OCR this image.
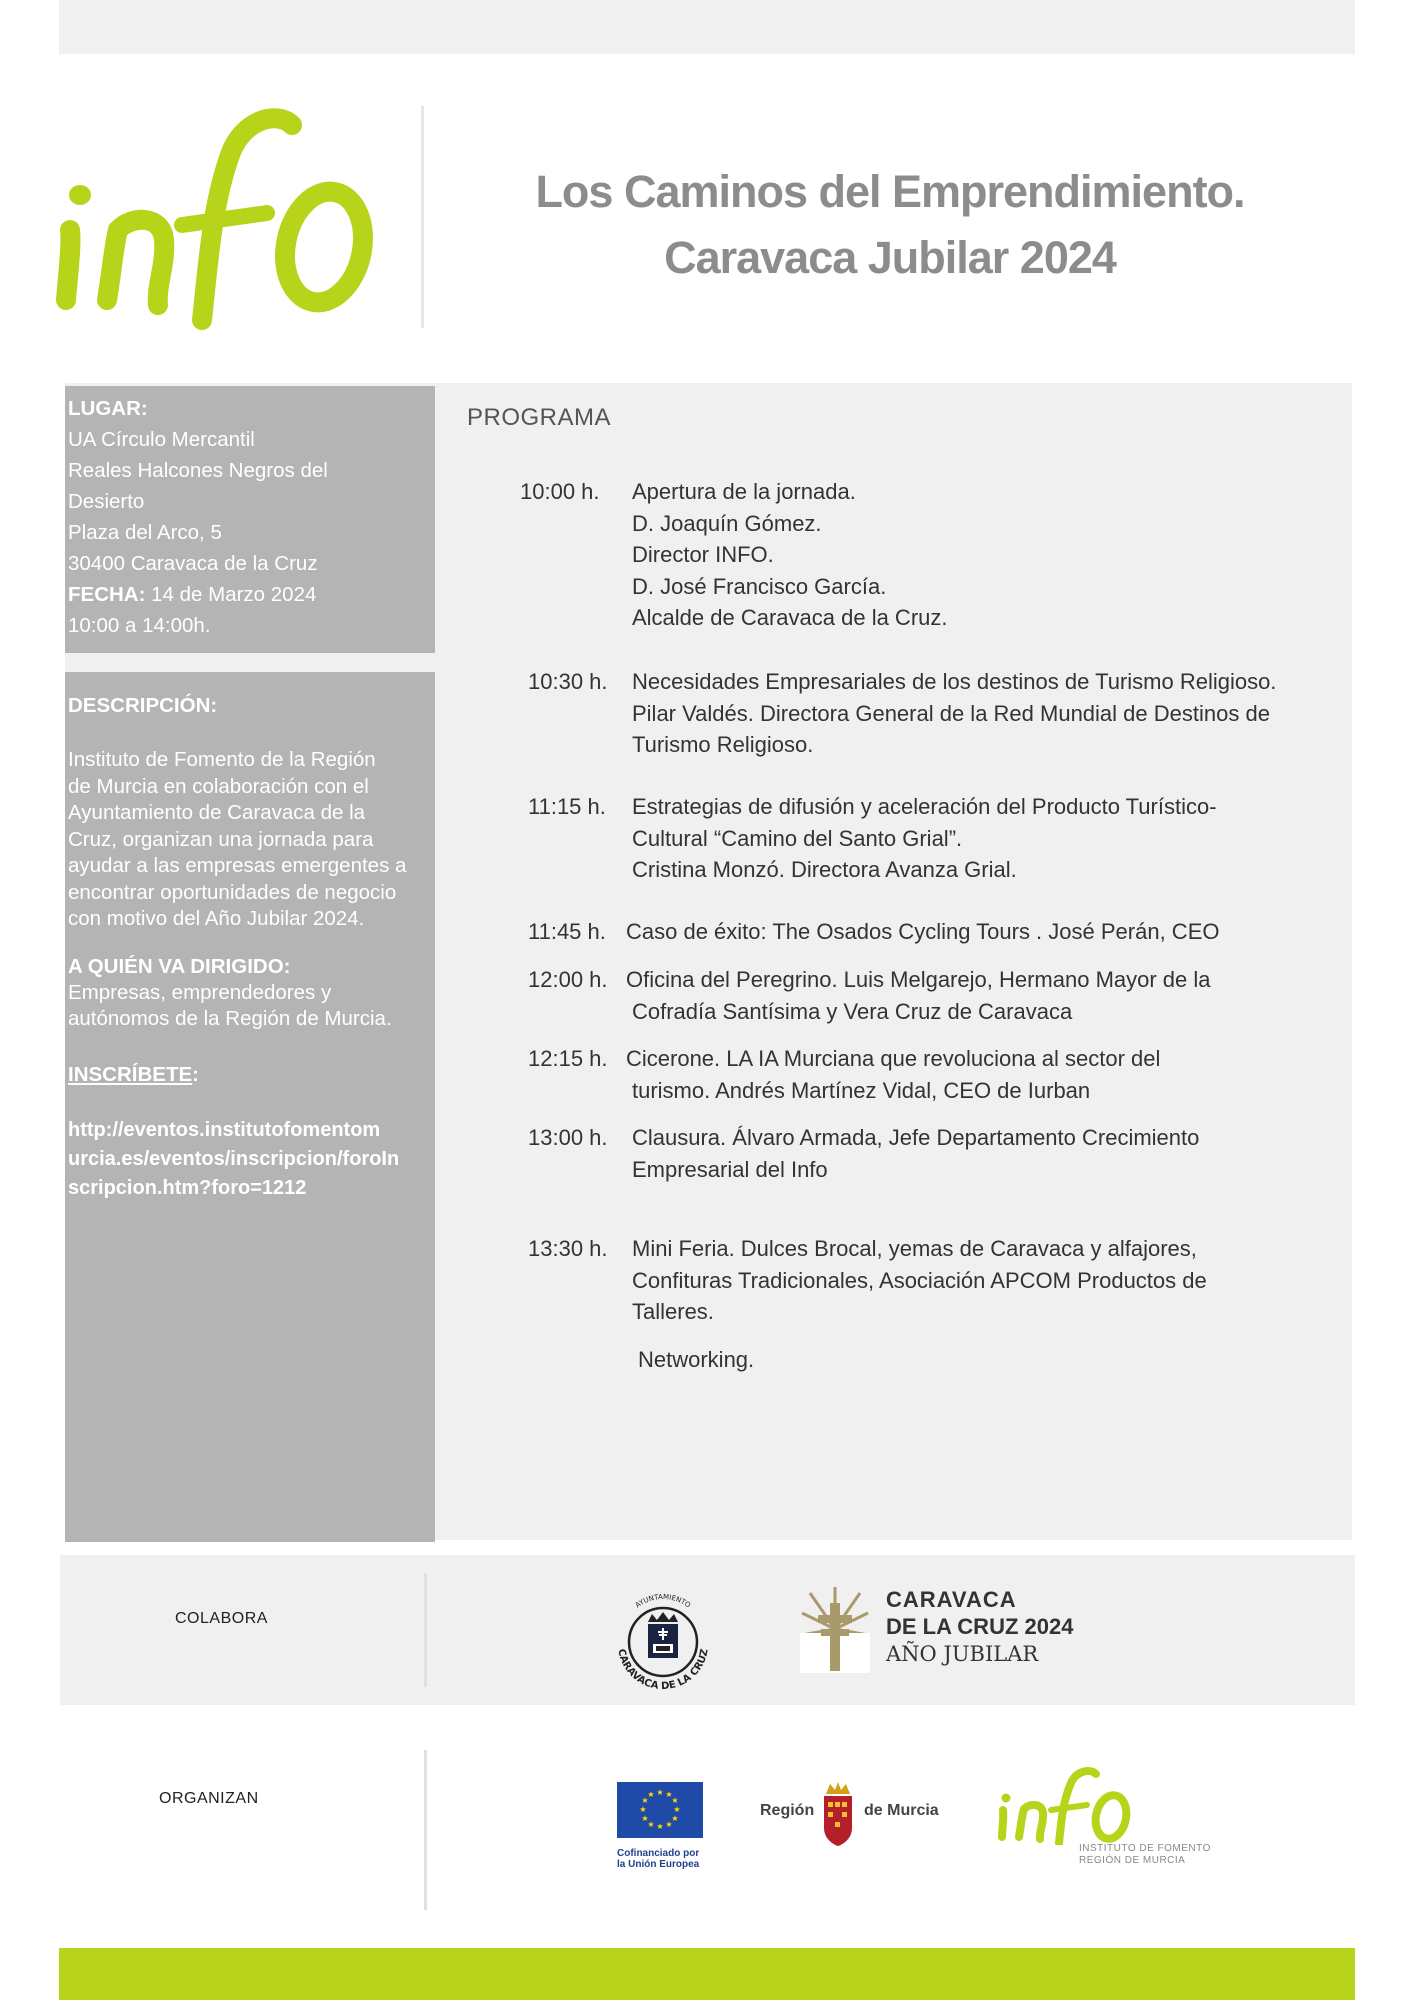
Los Caminos del Emprendimiento.
Caravaca Jubilar 2024
LUGAR:
UA Círculo Mercantil
Reales Halcones Negros del
Desierto
Plaza del Arco, 5
30400 Caravaca de la Cruz
FECHA: 14 de Marzo 2024
10:00 a 14:00h.
DESCRIPCIÓN:
Instituto de Fomento de la Región
de Murcia en colaboración con el
Ayuntamiento de Caravaca de la
Cruz, organizan una jornada para
ayudar a las empresas emergentes a
encontrar oportunidades de negocio
con motivo del Año Jubilar 2024.
A QUIÉN VA DIRIGIDO:
Empresas, emprendedores y
autónomos de la Región de Murcia.
INSCRÍBETE:
http://eventos.institutofomentom
urcia.es/eventos/inscripcion/foroIn
scripcion.htm?foro=1212
PROGRAMA
10:00 h. Apertura de la jornada.
D. Joaquín Gómez.
Director INFO.
D. José Francisco García.
Alcalde de Caravaca de la Cruz.
10:30 h. Necesidades Empresariales de los destinos de Turismo Religioso.
Pilar Valdés. Directora General de la Red Mundial de Destinos de
Turismo Religioso.
11:15 h. Estrategias de difusión y aceleración del Producto Turístico-
Cultural “Camino del Santo Grial”.
Cristina Monzó. Directora Avanza Grial.
11:45 h. Caso de éxito: The Osados Cycling Tours . José Perán, CEO
12:00 h. Oficina del Peregrino. Luis Melgarejo, Hermano Mayor de la
Cofradía Santísima y Vera Cruz de Caravaca
12:15 h. Cicerone. LA IA Murciana que revoluciona al sector del
turismo. Andrés Martínez Vidal, CEO de Iurban
13:00 h. Clausura. Álvaro Armada, Jefe Departamento Crecimiento
Empresarial del Info
13:30 h. Mini Feria. Dulces Brocal, yemas de Caravaca y alfajores,
Confituras Tradicionales, Asociación APCOM Productos de
Talleres.
Networking.
COLABORA
AYUNTAMIENTO
CARAVACA DE LA CRUZ
CARAVACA
DE LA CRUZ 2024
AÑO JUBILAR
ORGANIZAN	★ ★
★
★
★
★
★
★
★
★
★
★
Cofinanciado por
la Unión Europea
Región	de Murcia
INSTITUTO DE FOMENTO
REGIÓN DE MURCIA
